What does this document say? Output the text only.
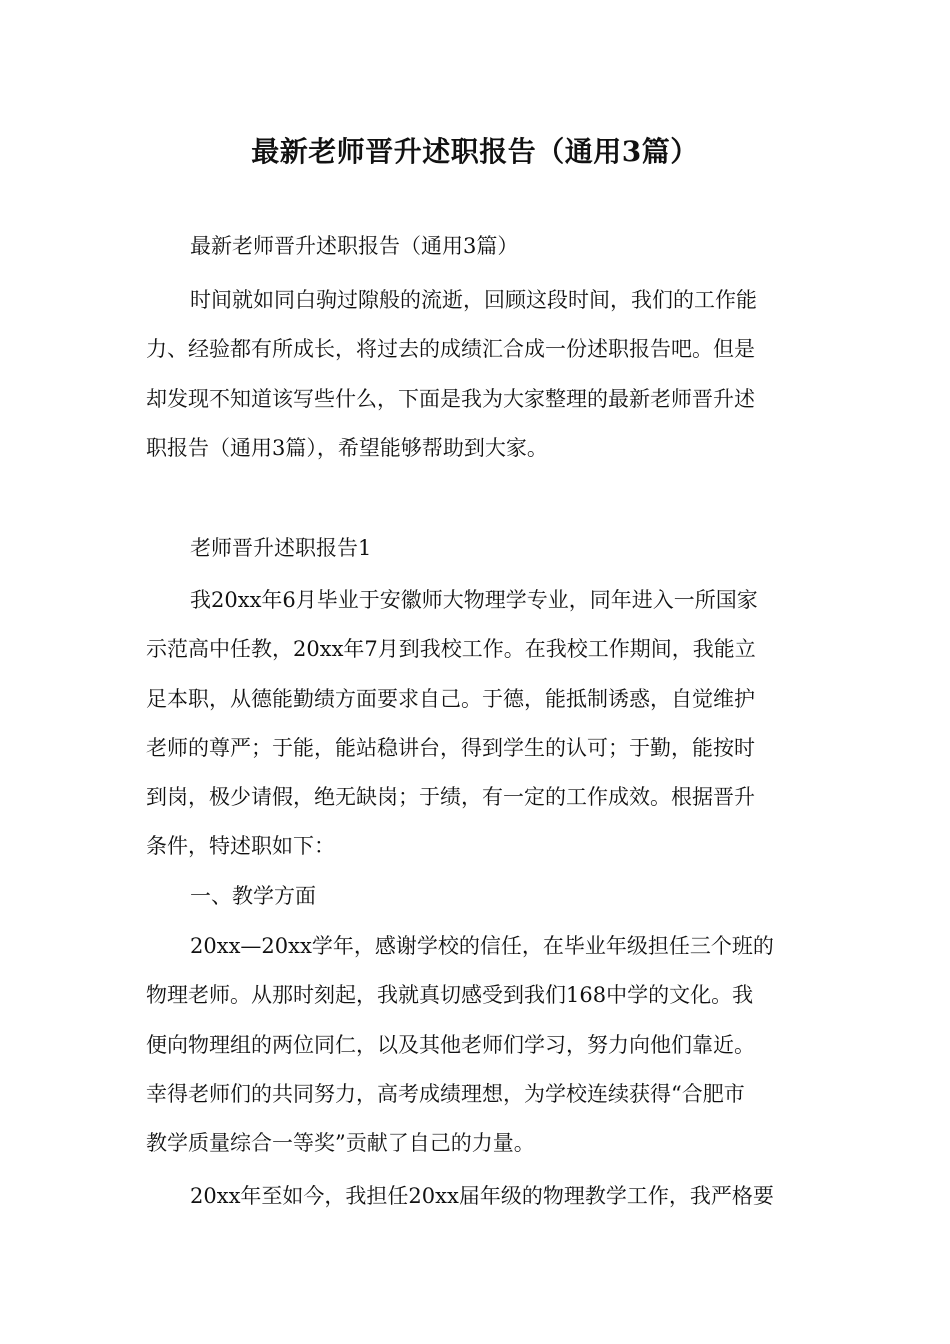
最新老师晋升述职报告（通用3篇）
最新老师晋升述职报告（通用3篇）
时间就如同白驹过隙般的流逝，回顾这段时间，我们的工作能
力、经验都有所成长，将过去的成绩汇合成一份述职报告吧。但是
却发现不知道该写些什么，下面是我为大家整理的最新老师晋升述
职报告（通用3篇），希望能够帮助到大家。
老师晋升述职报告1
我20xx年6月毕业于安徽师大物理学专业，同年进入一所国家
示范高中任教，20xx年7月到我校工作。在我校工作期间，我能立
足本职，从德能勤绩方面要求自己。于德，能抵制诱惑，自觉维护
老师的尊严；于能，能站稳讲台，得到学生的认可；于勤，能按时
到岗，极少请假，绝无缺岗；于绩，有一定的工作成效。根据晋升
条件，特述职如下：
一、教学方面
20xx—20xx学年，感谢学校的信任，在毕业年级担任三个班的
物理老师。从那时刻起，我就真切感受到我们168中学的文化。我
便向物理组的两位同仁，以及其他老师们学习，努力向他们靠近。
幸得老师们的共同努力，高考成绩理想，为学校连续获得“合肥市
教学质量综合一等奖”贡献了自己的力量。
20xx年至如今，我担任20xx届年级的物理教学工作，我严格要
